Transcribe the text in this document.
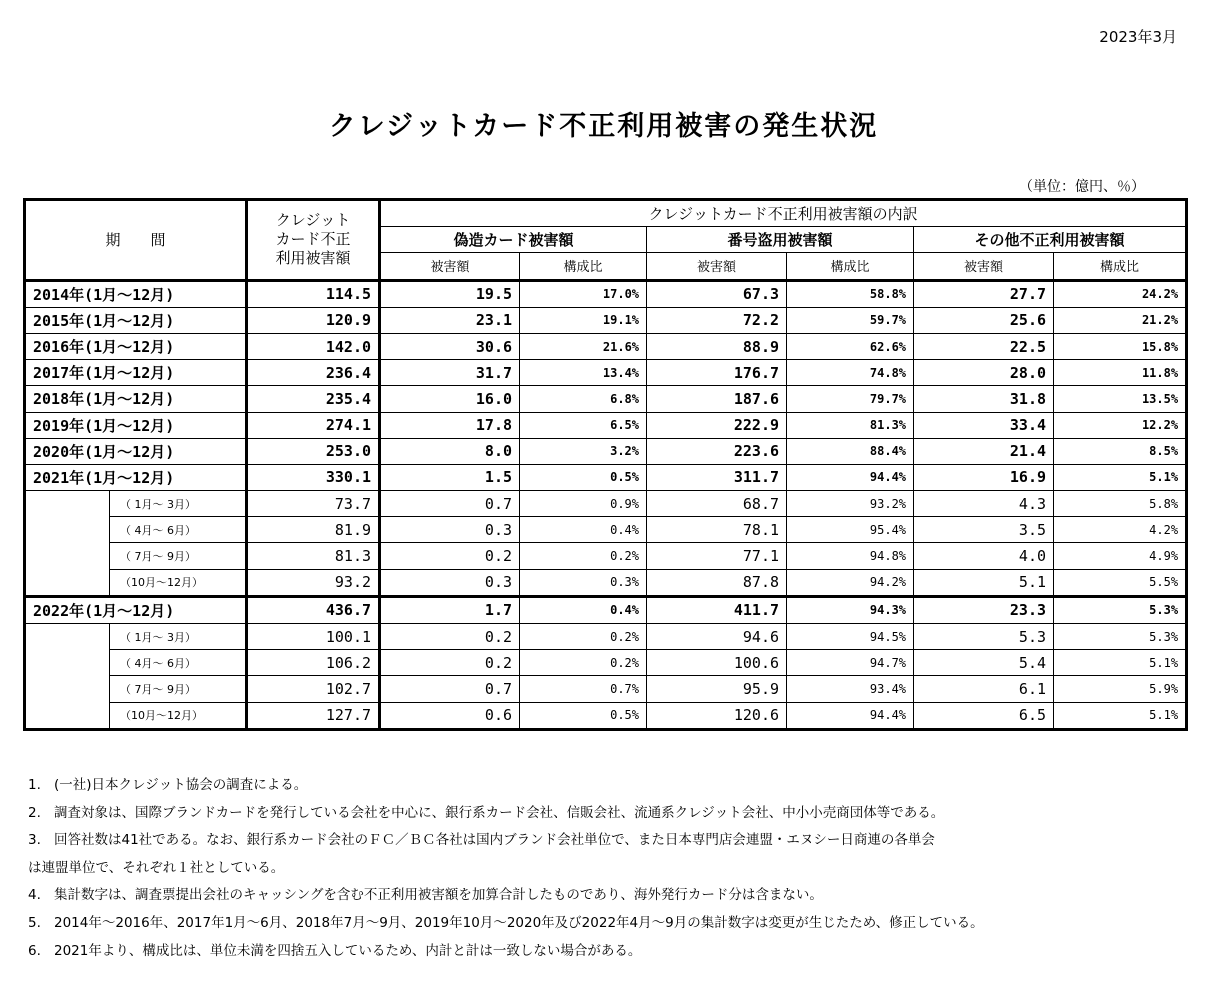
2023年3月
クレジットカード不正利用被害の発生状況
（単位：億円、％）
期　　間		クレジット
カード不正
利用被害額	クレジットカード不正利用被害額の内訳					
			偽造カード被害額		番号盗用被害額		その他不正利用被害額	
			被害額	構成比	被害額	構成比	被害額	構成比
2014年(1月～12月)		114.5	19.5	17.0%	67.3	58.8%	27.7	24.2%
2015年(1月～12月)		120.9	23.1	19.1%	72.2	59.7%	25.6	21.2%
2016年(1月～12月)		142.0	30.6	21.6%	88.9	62.6%	22.5	15.8%
2017年(1月～12月)		236.4	31.7	13.4%	176.7	74.8%	28.0	11.8%
2018年(1月～12月)		235.4	16.0	6.8%	187.6	79.7%	31.8	13.5%
2019年(1月～12月)		274.1	17.8	6.5%	222.9	81.3%	33.4	12.2%
2020年(1月～12月)		253.0	8.0	3.2%	223.6	88.4%	21.4	8.5%
2021年(1月～12月)		330.1	1.5	0.5%	311.7	94.4%	16.9	5.1%
	（ 1月～ 3月）	73.7	0.7	0.9%	68.7	93.2%	4.3	5.8%
	（ 4月～ 6月）	81.9	0.3	0.4%	78.1	95.4%	3.5	4.2%
	（ 7月～ 9月）	81.3	0.2	0.2%	77.1	94.8%	4.0	4.9%
	（10月～12月）	93.2	0.3	0.3%	87.8	94.2%	5.1	5.5%
2022年(1月～12月)		436.7	1.7	0.4%	411.7	94.3%	23.3	5.3%
	（ 1月～ 3月）	100.1	0.2	0.2%	94.6	94.5%	5.3	5.3%
	（ 4月～ 6月）	106.2	0.2	0.2%	100.6	94.7%	5.4	5.1%
	（ 7月～ 9月）	102.7	0.7	0.7%	95.9	93.4%	6.1	5.9%
	（10月～12月）	127.7	0.6	0.5%	120.6	94.4%	6.5	5.1%
1. (一社)日本クレジット協会の調査による。
2. 調査対象は、国際ブランドカードを発行している会社を中心に、銀行系カード会社、信販会社、流通系クレジット会社、中小小売商団体等である。
3. 回答社数は41社である。なお、銀行系カード会社のＦＣ／ＢＣ各社は国内ブランド会社単位で、また日本専門店会連盟・エヌシー日商連の各単会
は連盟単位で、それぞれ１社としている。
4. 集計数字は、調査票提出会社のキャッシングを含む不正利用被害額を加算合計したものであり、海外発行カード分は含まない。
5. 2014年～2016年、2017年1月～6月、2018年7月～9月、2019年10月～2020年及び2022年4月～9月の集計数字は変更が生じたため、修正している。
6. 2021年より、構成比は、単位未満を四捨五入しているため、内計と計は一致しない場合がある。
